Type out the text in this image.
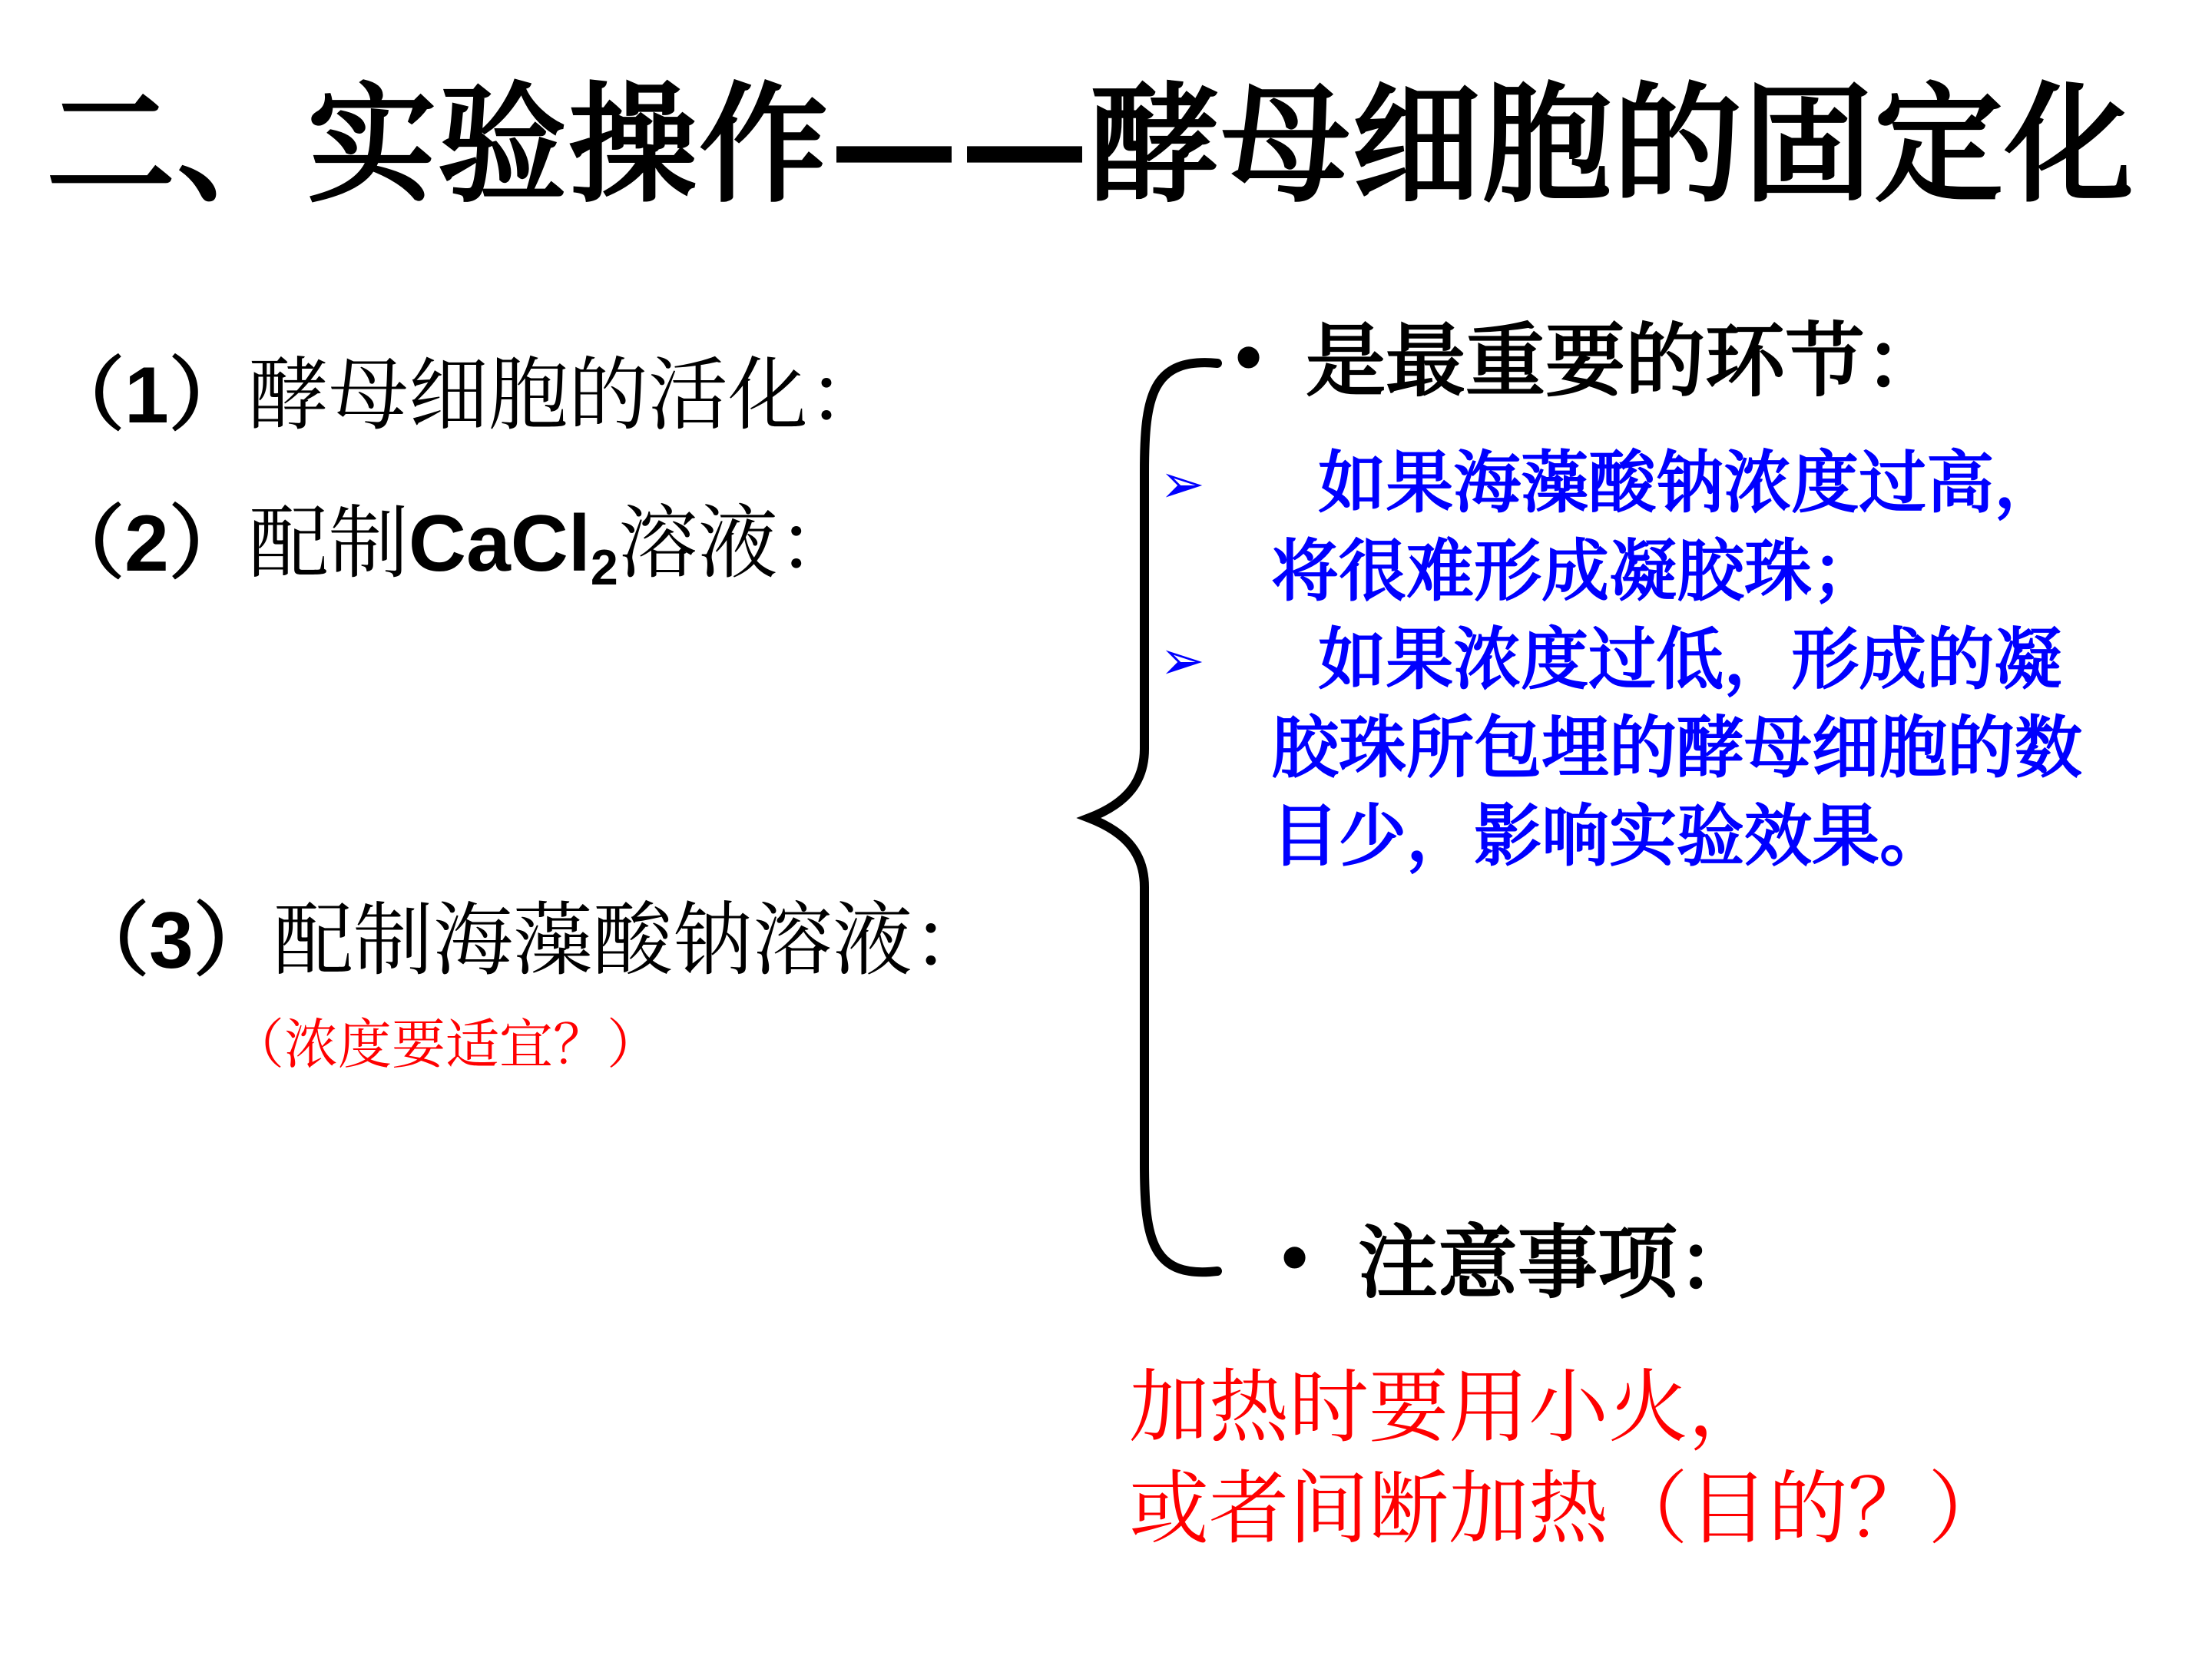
二、实验操作——酵母细胞的固定化
（1）酵母细胞的活化：
（2）配制CaCl$_2$溶液：
（3）配制海藻酸钠溶液：
（浓度要适宜？）
• 是最重要的环节：
➢ 如果海藻酸钠浓度过高，
将很难形成凝胶珠；
➢ 如果浓度过低，形成的凝
胶珠所包埋的酵母细胞的数
目少，影响实验效果。
• 注意事项：
加热时要用小火，
或者间断加热（目的？）
